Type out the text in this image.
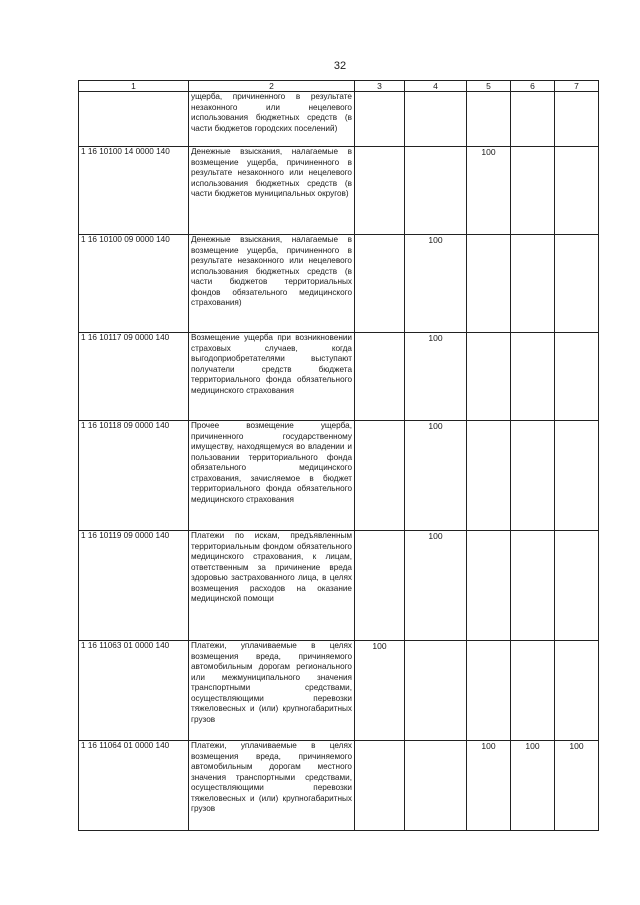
32
1	2	3	4	5	6	7
	ущерба, причиненного в результате незаконного или нецелевого использования бюджетных средств (в части бюджетов городских поселений)					
1 16 10100 14 0000 140	Денежные взыскания, налагаемые в возмещение ущерба, причиненного в результате незаконного или нецелевого использования бюджетных средств (в части бюджетов муниципальных округов)			100		
1 16 10100 09 0000 140	Денежные взыскания, налагаемые в возмещение ущерба, причиненного в результате незаконного или нецелевого использования бюджетных средств (в части бюджетов территориальных фондов обязательного медицинского страхования)		100			
1 16 10117 09 0000 140	Возмещение ущерба при возникновении страховых случаев, когда выгодоприобретателями выступают получатели средств бюджета территориального фонда обязательного медицинского страхования		100			
1 16 10118 09 0000 140	Прочее возмещение ущерба, причиненного государственному имуществу, находящемуся во владении и пользовании территориального фонда обязательного медицинского страхования, зачисляемое в бюджет территориального фонда обязательного медицинского страхования		100			
1 16 10119 09 0000 140	Платежи по искам, предъявленным территориальным фондом обязательного медицинского страхования, к лицам, ответственным за причинение вреда здоровью застрахованного лица, в целях возмещения расходов на оказание медицинской помощи		100			
1 16 11063 01 0000 140	Платежи, уплачиваемые в целях возмещения вреда, причиняемого автомобильным дорогам регионального или межмуниципального значения транспортными средствами, осуществляющими перевозки тяжеловесных и (или) крупногабаритных грузов	100				
1 16 11064 01 0000 140	Платежи, уплачиваемые в целях возмещения вреда, причиняемого автомобильным дорогам местного значения транспортными средствами, осуществляющими перевозки тяжеловесных и (или) крупногабаритных грузов			100	100	100
